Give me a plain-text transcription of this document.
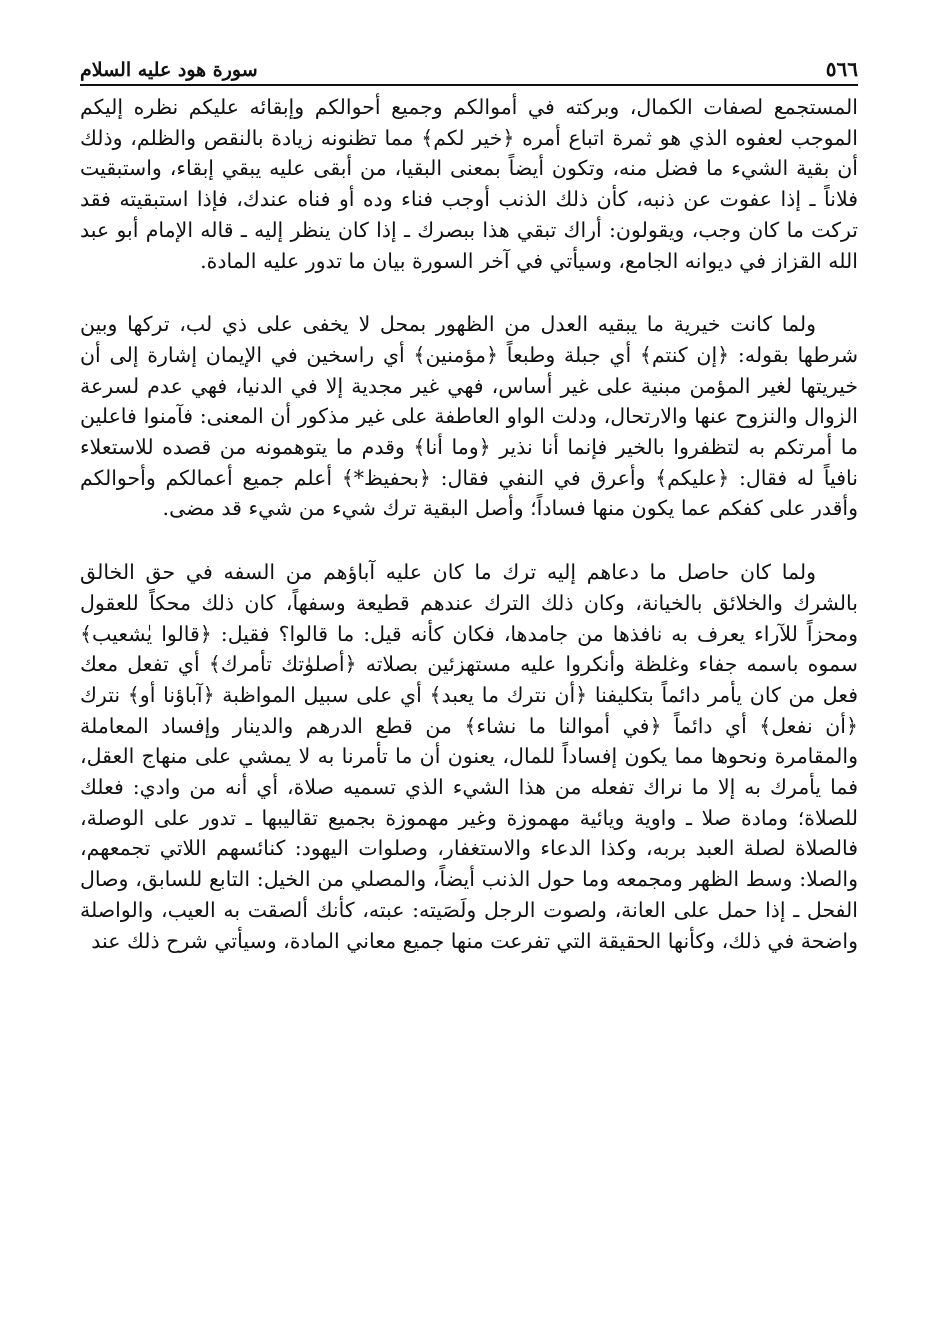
٥٦٦
سورة هود عليه السلام

المستجمع لصفات الكمال، وبركته في أموالكم وجميع أحوالكم وإبقائه عليكم نظره إليكم الموجب لعفوه الذي هو ثمرة اتباع أمره ﴿خير لكم﴾ مما تظنونه زيادة بالنقص والظلم، وذلك أن بقية الشيء ما فضل منه، وتكون أيضاً بمعنى البقيا، من أبقى عليه يبقي إبقاء، واستبقيت فلاناً ـ إذا عفوت عن ذنبه، كأن ذلك الذنب أوجب فناء وده أو فناه عندك، فإذا استبقيته فقد تركت ما كان وجب، ويقولون: أراك تبقي هذا ببصرك ـ إذا كان ينظر إليه ـ قاله الإمام أبو عبد الله القزاز في ديوانه الجامع، وسيأتي في آخر السورة بيان ما تدور عليه المادة.

ولما كانت خيرية ما يبقيه العدل من الظهور بمحل لا يخفى على ذي لب، تركها وبين شرطها بقوله: ﴿إن كنتم﴾ أي جبلة وطبعاً ﴿مؤمنين﴾ أي راسخين في الإيمان إشارة إلى أن خيريتها لغير المؤمن مبنية على غير أساس، فهي غير مجدية إلا في الدنيا، فهي عدم لسرعة الزوال والنزوح عنها والارتحال، ودلت الواو العاطفة على غير مذكور أن المعنى: فآمنوا فاعلين ما أمرتكم به لتظفروا بالخير فإنما أنا نذير ﴿وما أنا﴾ وقدم ما يتوهمونه من قصده للاستعلاء نافياً له فقال: ﴿عليكم﴾ وأعرق في النفي فقال: ﴿بحفيظ*﴾ أعلم جميع أعمالكم وأحوالكم وأقدر على كفكم عما يكون منها فساداً؛ وأصل البقية ترك شيء من شيء قد مضى.

ولما كان حاصل ما دعاهم إليه ترك ما كان عليه آباؤهم من السفه في حق الخالق بالشرك والخلائق بالخيانة، وكان ذلك الترك عندهم قطيعة وسفهاً، كان ذلك محكاً للعقول ومحزاً للآراء يعرف به نافذها من جامدها، فكان كأنه قيل: ما قالوا؟ فقيل: ﴿قالوا يٰشعيب﴾ سموه باسمه جفاء وغلظة وأنكروا عليه مستهزئين بصلاته ﴿أصلوٰتك تأمرك﴾ أي تفعل معك فعل من كان يأمر دائماً بتكليفنا ﴿أن نترك ما يعبد﴾ أي على سبيل المواظبة ﴿آباؤنا أو﴾ نترك ﴿أن نفعل﴾ أي دائماً ﴿في أموالنا ما نشاء﴾ من قطع الدرهم والدينار وإفساد المعاملة والمقامرة ونحوها مما يكون إفساداً للمال، يعنون أن ما تأمرنا به لا يمشي على منهاج العقل، فما يأمرك به إلا ما نراك تفعله من هذا الشيء الذي تسميه صلاة، أي أنه من وادي: فعلك للصلاة؛ ومادة صلا ـ واوية ويائية مهموزة وغير مهموزة بجميع تقاليبها ـ تدور على الوصلة، فالصلاة لصلة العبد بربه، وكذا الدعاء والاستغفار، وصلوات اليهود: كنائسهم اللاتي تجمعهم، والصلا: وسط الظهر ومجمعه وما حول الذنب أيضاً، والمصلي من الخيل: التابع للسابق، وصال الفحل ـ إذا حمل على العانة، ولصوت الرجل ولَصَيته: عبته، كأنك ألصقت به العيب، والواصلة واضحة في ذلك، وكأنها الحقيقة التي تفرعت منها جميع معاني المادة، وسيأتي شرح ذلك عند
